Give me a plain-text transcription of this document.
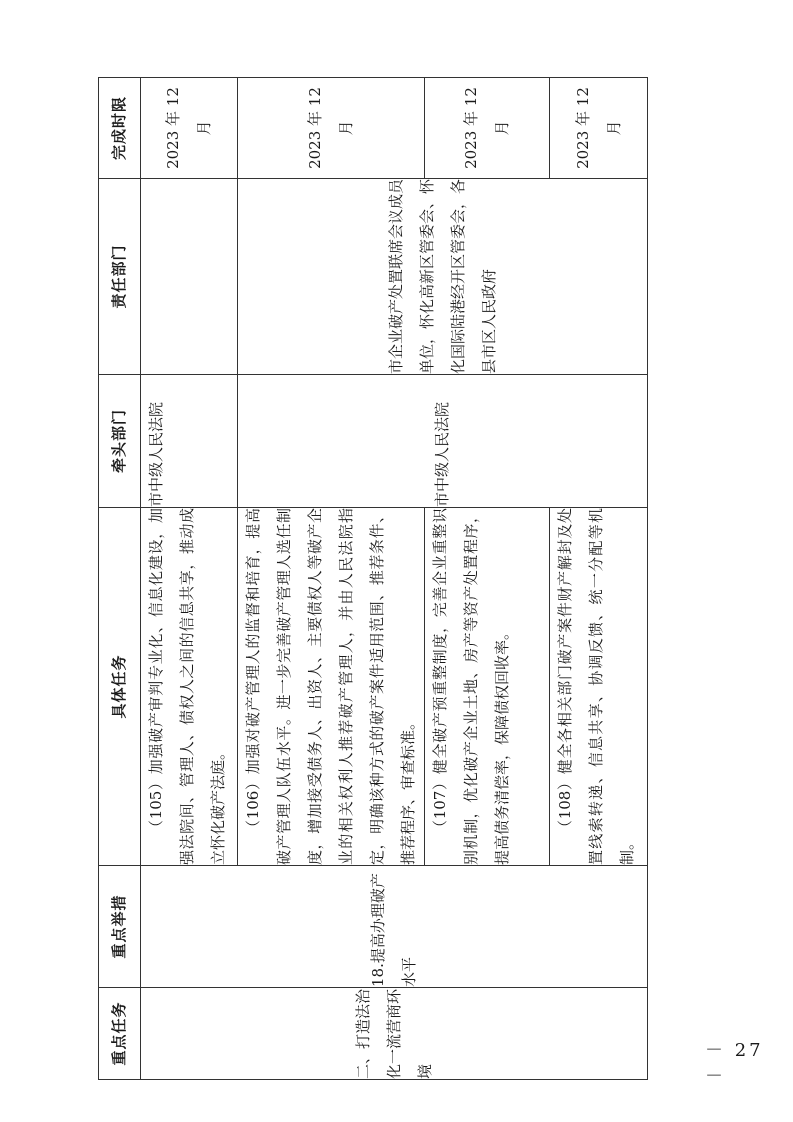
重点任务	重点举措	具体任务	牵头部门	责任部门	完成时限
二、打造法治化一流营商环境	18.提高办理破产水平	（105）加强破产审判专业化、信息化建设，加强法院间、管理人、债权人之间的信息共享，推动成立怀化破产法庭。	市中级人民法院		2023 年 12 月

		（106）加强对破产管理人的监督和培育，提高破产管理人队伍水平。进一步完善破产管理人选任制度，增加接受债务人、出资人、主要债权人等破产企业的相关权利人推荐破产管理人，并由人民法院指定，明确该种方式的破产案件适用范围、推荐条件、推荐程序、审查标准。	市中级人民法院	市企业破产处置联席会议成员单位，怀化高新区管委会、怀化国际陆港经开区管委会，各县市区人民政府	2023 年 12 月

		（107）健全破产预重整制度，完善企业重整识别机制，优化破产企业土地、房产等资产处置程序，提高债务清偿率，保障债权回收率。			2023 年 12 月

		（108）健全各相关部门破产案件财产解封及处置线索转递、信息共享、协调反馈、统一分配等机制。			2023 年 12 月
－ 27 －
